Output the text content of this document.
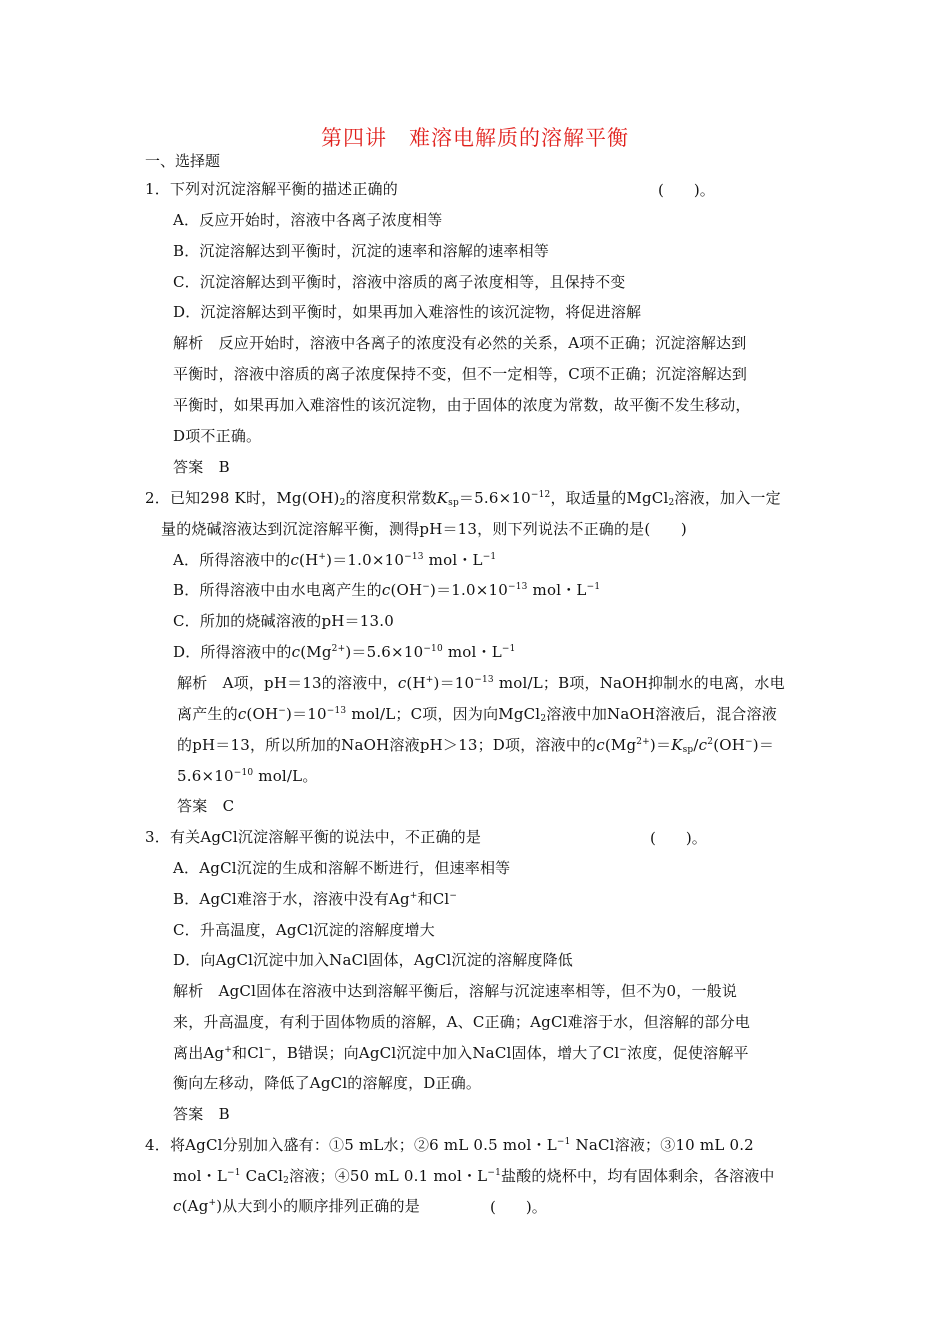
第四讲　难溶电解质的溶解平衡
一、选择题
1．下列对沉淀溶解平衡的描述正确的	(　　)。
A．反应开始时，溶液中各离子浓度相等
B．沉淀溶解达到平衡时，沉淀的速率和溶解的速率相等
C．沉淀溶解达到平衡时，溶液中溶质的离子浓度相等，且保持不变
D．沉淀溶解达到平衡时，如果再加入难溶性的该沉淀物，将促进溶解
解析　反应开始时，溶液中各离子的浓度没有必然的关系，A项不正确；沉淀溶解达到
平衡时，溶液中溶质的离子浓度保持不变，但不一定相等，C项不正确；沉淀溶解达到
平衡时，如果再加入难溶性的该沉淀物，由于固体的浓度为常数，故平衡不发生移动，
D项不正确。
答案　B
2．已知298 K时，$Mg(OH)_2$的溶度积常数$K_{sp}=5.6\times 10^{-12}$，取适量的MgCl$_2$溶液，加入一定
量的烧碱溶液达到沉淀溶解平衡，测得pH＝13，则下列说法不正确的是(　　)
A．所得溶液中的$c(H^+)=1.0\times 10^{-13}$ mol・$L^{-1}$
B．所得溶液中由水电离产生的$c(OH^-)=1.0\times 10^{-13}$ mol・$L^{-1}$
C．所加的烧碱溶液的pH＝13.0
D．所得溶液中的$c(Mg^{2+})=5.6\times 10^{-10}$ mol・$L^{-1}$
解析　A项，pH＝13的溶液中，$c(H^+)=10^{-13}$ mol/L；B项，NaOH抑制水的电离，水电
离产生的$c(OH^-)=10^{-13}$ mol/L；C项，因为向MgCl$_2$溶液中加NaOH溶液后，混合溶液
的pH＝13，所以所加的NaOH溶液pH＞13；D项，溶液中的$c(Mg^{2+})=K_{sp}/c^2(OH^-)=$
$5.6\times 10^{-10}$ mol/L。
答案　C
3．有关AgCl沉淀溶解平衡的说法中，不正确的是	(　　)。
A．AgCl沉淀的生成和溶解不断进行，但速率相等
B．AgCl难溶于水，溶液中没有Ag+和Cl−
C．升高温度，AgCl沉淀的溶解度增大
D．向AgCl沉淀中加入NaCl固体，AgCl沉淀的溶解度降低
解析　AgCl固体在溶液中达到溶解平衡后，溶解与沉淀速率相等，但不为0，一般说
来，升高温度，有利于固体物质的溶解，A、C正确；AgCl难溶于水，但溶解的部分电
离出Ag+和Cl−，B错误；向AgCl沉淀中加入NaCl固体，增大了Cl−浓度，促使溶解平
衡向左移动，降低了AgCl的溶解度，D正确。
答案　B
4．将AgCl分别加入盛有：①5 mL水；②6 mL 0.5 mol・$L^{-1}$ NaCl溶液；③10 mL 0.2
mol・$L^{-1}$ CaCl$_2$溶液；④50 mL 0.1 mol・$L^{-1}$盐酸的烧杯中，均有固体剩余，各溶液中
c(Ag+)从大到小的顺序排列正确的是	(　　)。
